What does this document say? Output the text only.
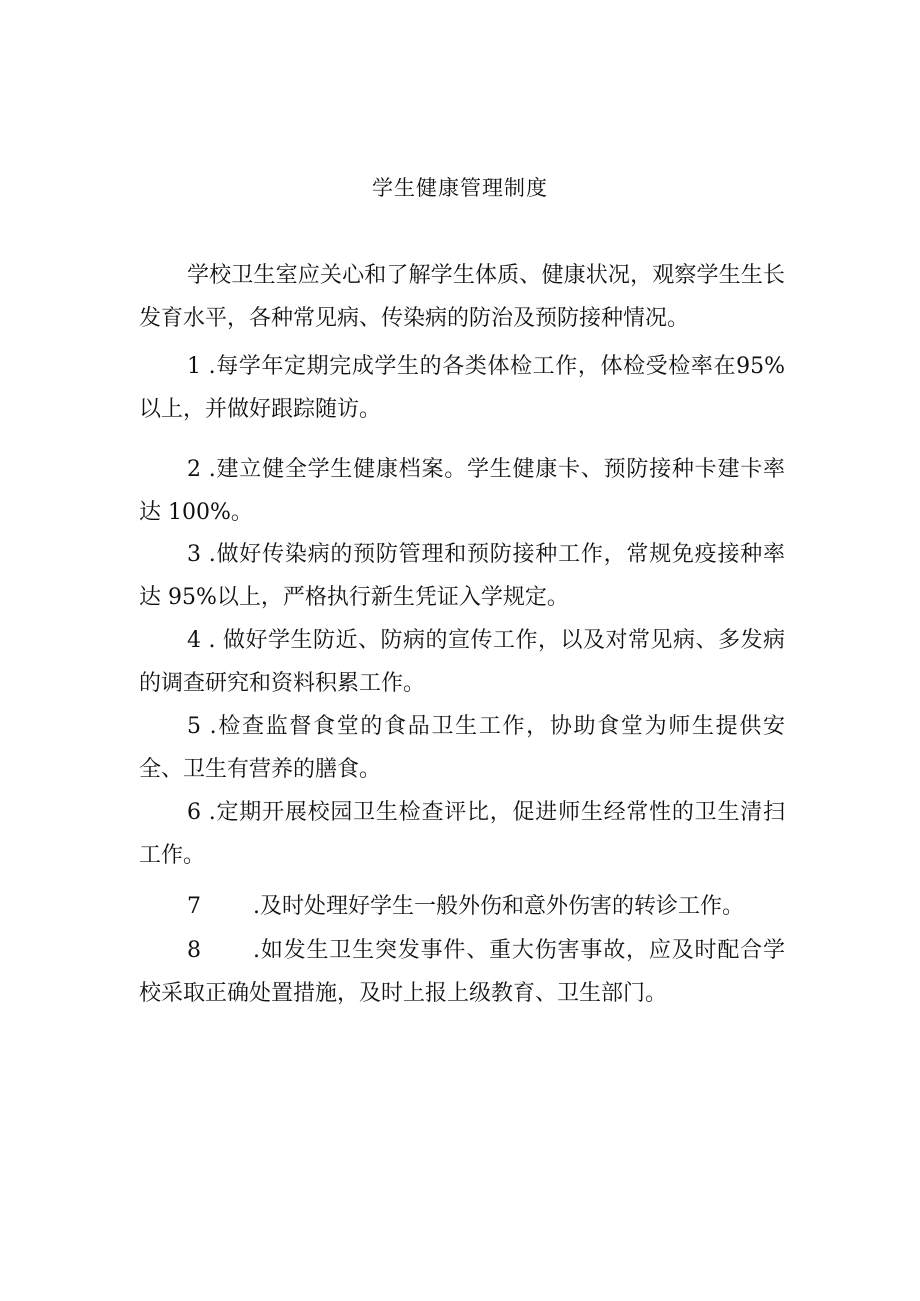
学生健康管理制度
学校卫生室应关心和了解学生体质、健康状况，观察学生生长发育水平，各种常见病、传染病的防治及预防接种情况。
1 .每学年定期完成学生的各类体检工作，体检受检率在95%以上，并做好跟踪随访。
2 .建立健全学生健康档案。学生健康卡、预防接种卡建卡率达 100%。
3 .做好传染病的预防管理和预防接种工作，常规免疫接种率达 95%以上，严格执行新生凭证入学规定。
4 . 做好学生防近、防病的宣传工作，以及对常见病、多发病的调查研究和资料积累工作。
5 .检查监督食堂的食品卫生工作，协助食堂为师生提供安全、卫生有营养的膳食。
6 .定期开展校园卫生检查评比，促进师生经常性的卫生清扫工作。
7 .及时处理好学生一般外伤和意外伤害的转诊工作。
8 .如发生卫生突发事件、重大伤害事故，应及时配合学校采取正确处置措施，及时上报上级教育、卫生部门。
